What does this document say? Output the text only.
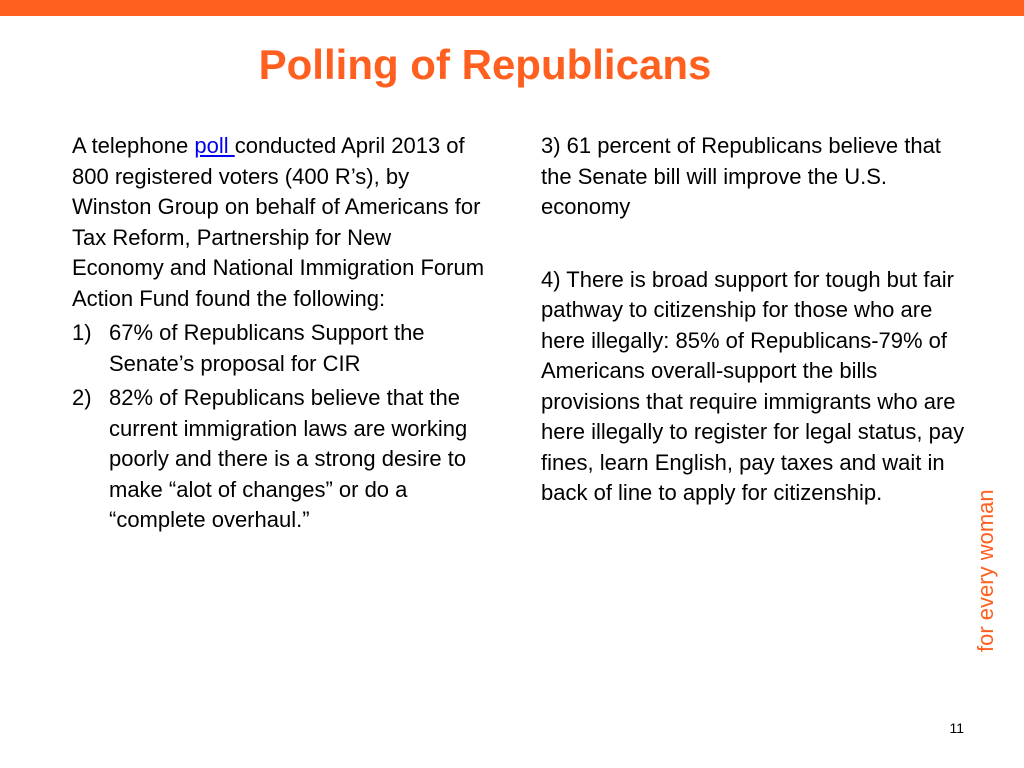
Polling of Republicans

A telephone poll conducted April 2013 of 800 registered voters (400 R’s), by Winston Group on behalf of Americans for Tax Reform, Partnership for New Economy and National Immigration Forum Action Fund found the following:

1) 67% of Republicans Support the Senate’s proposal for CIR
2) 82% of Republicans believe that the current immigration laws are working poorly and there is a strong desire to make “alot of changes” or do a “complete overhaul.”

3) 61 percent of Republicans believe that the Senate bill will improve the U.S. economy

4) There is broad support for tough but fair pathway to citizenship for those who are here illegally: 85% of Republicans-79% of Americans overall-support the bills provisions that require immigrants who are here illegally to register for legal status, pay fines, learn English, pay taxes and wait in back of line to apply for citizenship.	for every woman
11
